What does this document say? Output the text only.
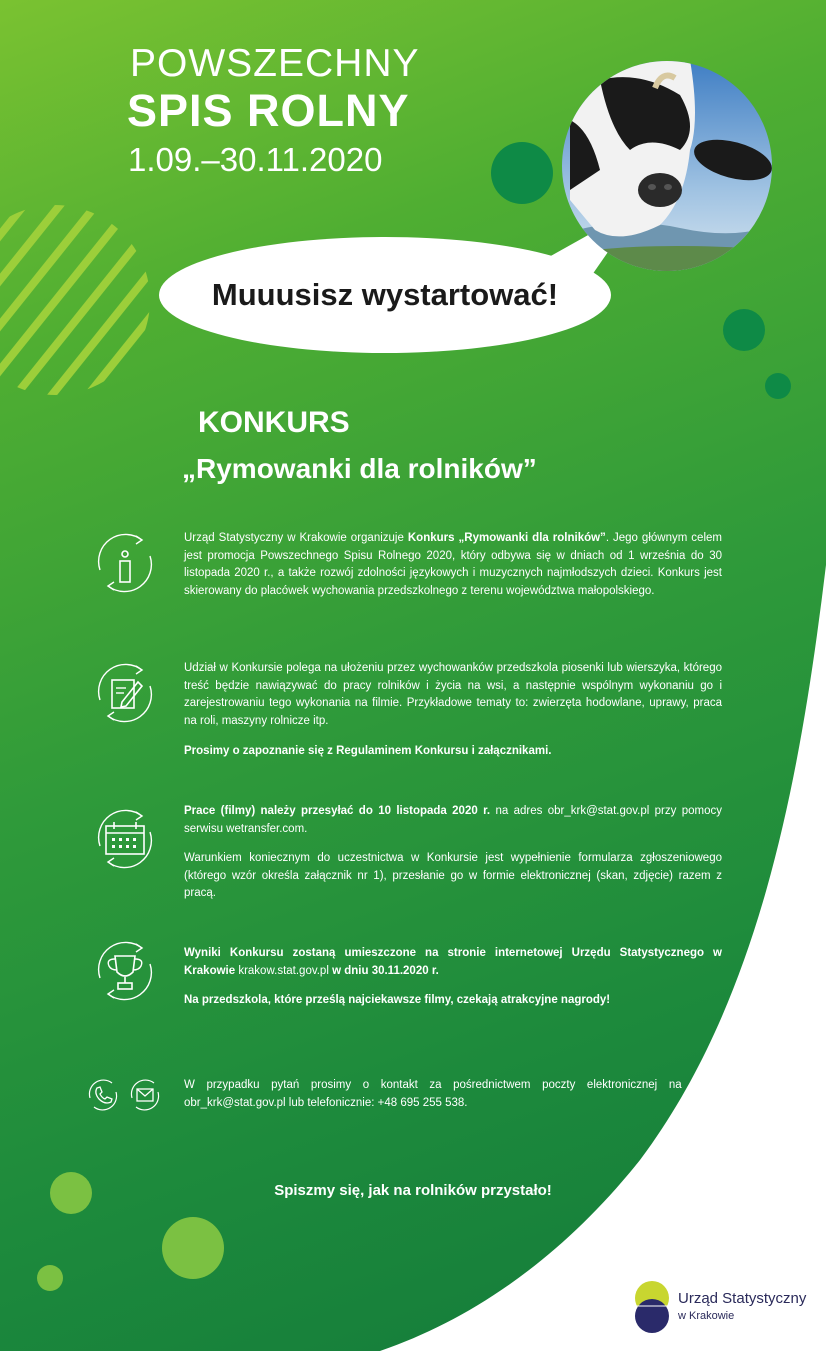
POWSZECHNY
SPIS ROLNY
1.09.–30.11.2020
Muuusisz wystartować!
KONKURS
„Rymowanki dla rolników”

Urząd Statystyczny w Krakowie organizuje Konkurs „Rymowanki dla rolników”. Jego głównym celem jest promocja Powszechnego Spisu Rolnego 2020, który odbywa się w dniach od 1 września do 30 listopada 2020 r., a także rozwój zdolności językowych i muzycznych najmłodszych dzieci. Konkurs jest skierowany do placówek wychowania przedszkolnego z terenu województwa małopolskiego.

Udział w Konkursie polega na ułożeniu przez wychowanków przedszkola piosenki lub wierszyka, którego treść będzie nawiązywać do pracy rolników i życia na wsi, a następnie wspólnym wykonaniu go i zarejestrowaniu tego wykonania na filmie. Przykładowe tematy to: zwierzęta hodowlane, uprawy, praca na roli, maszyny rolnicze itp.

Prosimy o zapoznanie się z Regulaminem Konkursu i załącznikami.

Prace (filmy) należy przesyłać do 10 listopada 2020 r. na adres obr_krk@stat.gov.pl przy pomocy serwisu wetransfer.com.

Warunkiem koniecznym do uczestnictwa w Konkursie jest wypełnienie formularza zgłoszeniowego (którego wzór określa załącznik nr 1), przesłanie go w formie elektronicznej (skan, zdjęcie) razem z pracą.

Wyniki Konkursu zostaną umieszczone na stronie internetowej Urzędu Statystycznego w Krakowie krakow.stat.gov.pl w dniu 30.11.2020 r.

Na przedszkola, które prześlą najciekawsze filmy, czekają atrakcyjne nagrody!

W przypadku pytań prosimy o kontakt za pośrednictwem poczty elektronicznej na adres obr_krk@stat.gov.pl lub telefonicznie: +48 695 255 538.

Spiszmy się, jak na rolników przystało!
Urząd Statystyczny
w Krakowie
